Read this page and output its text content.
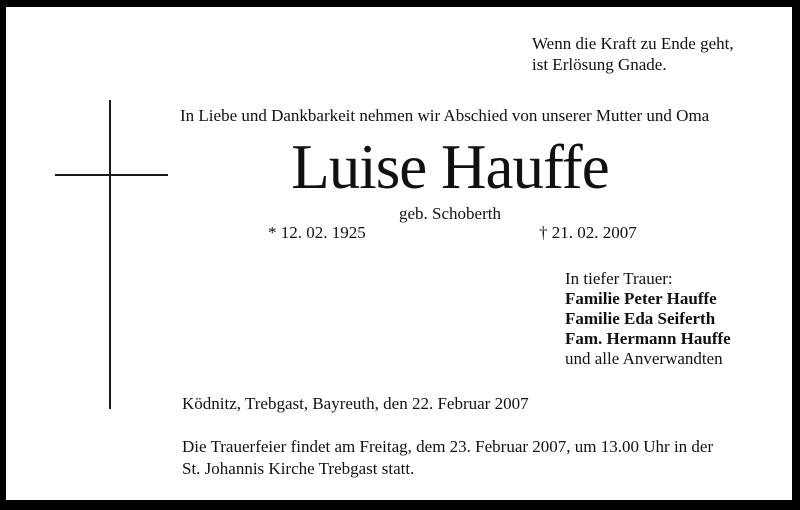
Wenn die Kraft zu Ende geht,
ist Erlösung Gnade.
In Liebe und Dankbarkeit nehmen wir Abschied von unserer Mutter und Oma
Luise Hauffe
geb. Schoberth
* 12. 02. 1925	† 21. 02. 2007
In tiefer Trauer:
Familie Peter Hauffe
Familie Eda Seiferth
Fam. Hermann Hauffe
und alle Anverwandten
Ködnitz, Trebgast, Bayreuth, den 22. Februar 2007
Die Trauerfeier findet am Freitag, dem 23. Februar 2007, um 13.00 Uhr in der
St. Johannis Kirche Trebgast statt.
